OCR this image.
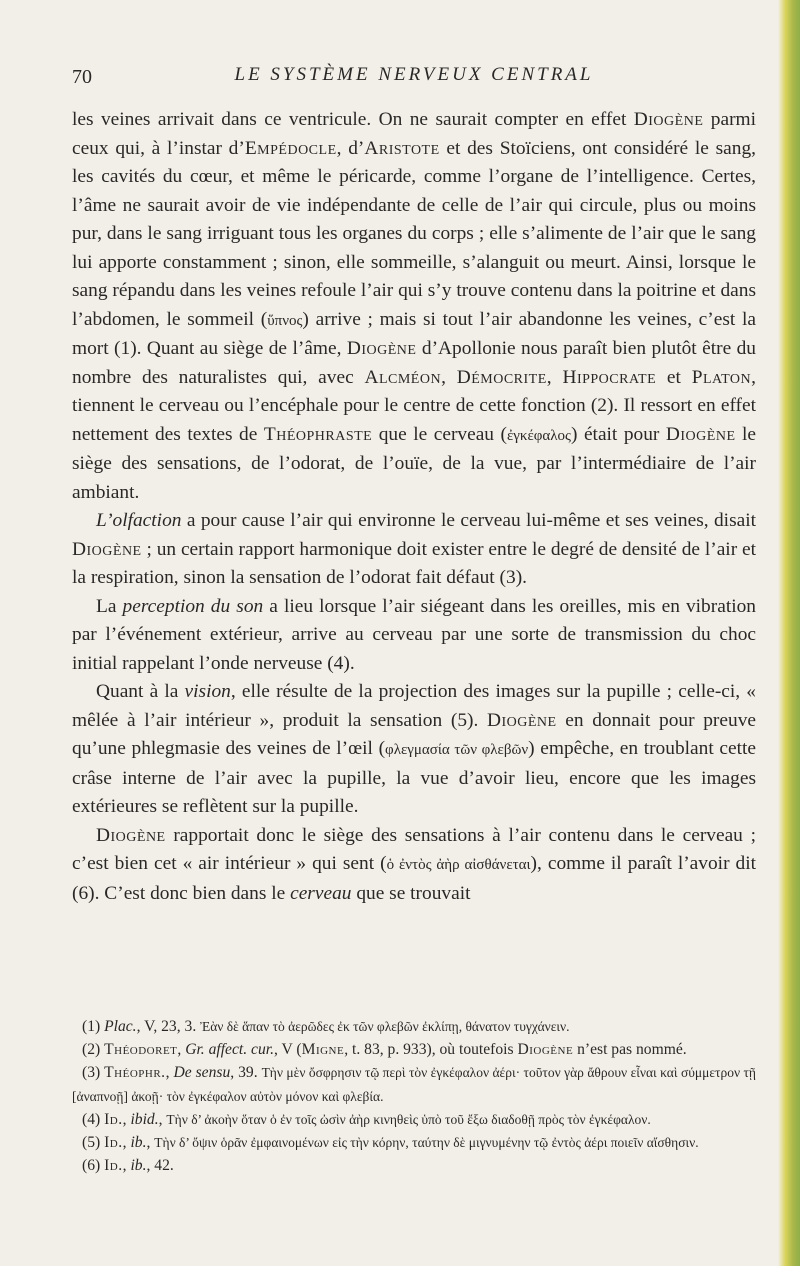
70	LE SYSTÈME NERVEUX CENTRAL

les veines arrivait dans ce ventricule. On ne saurait compter en effet Diogène parmi ceux qui, à l’instar d’Empédocle, d’Aristote et des Stoïciens, ont considéré le sang, les cavités du cœur, et même le péricarde, comme l’organe de l’intelligence. Certes, l’âme ne saurait avoir de vie indépendante de celle de l’air qui circule, plus ou moins pur, dans le sang irriguant tous les organes du corps ; elle s’alimente de l’air que le sang lui apporte constamment ; sinon, elle sommeille, s’alanguit ou meurt. Ainsi, lorsque le sang répandu dans les veines refoule l’air qui s’y trouve contenu dans la poitrine et dans l’abdomen, le sommeil (ὕπνος) arrive ; mais si tout l’air abandonne les veines, c’est la mort (1). Quant au siège de l’âme, Diogène d’Apollonie nous paraît bien plutôt être du nombre des naturalistes qui, avec Alcméon, Démocrite, Hippocrate et Platon, tiennent le cerveau ou l’encéphale pour le centre de cette fonction (2). Il ressort en effet nettement des textes de Théophraste que le cerveau (ἐγκέφαλος) était pour Diogène le siège des sensations, de l’odorat, de l’ouïe, de la vue, par l’intermédiaire de l’air ambiant.

L’olfaction a pour cause l’air qui environne le cerveau lui-même et ses veines, disait Diogène ; un certain rapport harmonique doit exister entre le degré de densité de l’air et la respiration, sinon la sensation de l’odorat fait défaut (3).

La perception du son a lieu lorsque l’air siégeant dans les oreilles, mis en vibration par l’événement extérieur, arrive au cerveau par une sorte de transmission du choc initial rappelant l’onde nerveuse (4).

Quant à la vision, elle résulte de la projection des images sur la pupille ; celle-ci, « mêlée à l’air intérieur », produit la sensation (5). Diogène en donnait pour preuve qu’une phlegmasie des veines de l’œil (φλεγμασία τῶν φλεβῶν) empêche, en troublant cette crâse interne de l’air avec la pupille, la vue d’avoir lieu, encore que les images extérieures se reflètent sur la pupille.

Diogène rapportait donc le siège des sensations à l’air contenu dans le cerveau ; c’est bien cet « air intérieur » qui sent (ὁ ἐντὸς ἀὴρ αἰσθάνεται), comme il paraît l’avoir dit (6). C’est donc bien dans le cerveau que se trouvait

(1) Plac., V, 23, 3. Ἐὰν δὲ ἅπαν τὸ ἀερῶδες ἐκ τῶν φλεβῶν ἐκλίπῃ, θάνατον τυγχάνειν.

(2) Théodoret, Gr. affect. cur., V (Migne, t. 83, p. 933), où toutefois Diogène n’est pas nommé.

(3) Théophr., De sensu, 39. Τὴν μὲν ὄσφρησιν τῷ περὶ τὸν ἐγκέφαλον ἀέρι· τοῦτον γὰρ ἄθρουν εἶναι καὶ σύμμετρον τῇ [ἀναπνοῇ] ἀκοῇ· τὸν ἐγκέφαλον αὐτὸν μόνον καὶ φλεβία.

(4) Id., ibid., Τὴν δ’ ἀκοὴν ὅταν ὁ ἐν τοῖς ὠσὶν ἀὴρ κινηθεὶς ὑπὸ τοῦ ἔξω διαδοθῇ πρὸς τὸν ἐγκέφαλον.

(5) Id., ib., Τὴν δ’ ὄψιν ὁρᾶν ἐμφαινομένων εἰς τὴν κόρην, ταύτην δὲ μιγνυμένην τῷ ἐντὸς ἀέρι ποιεῖν αἴσθησιν.

(6) Id., ib., 42.
